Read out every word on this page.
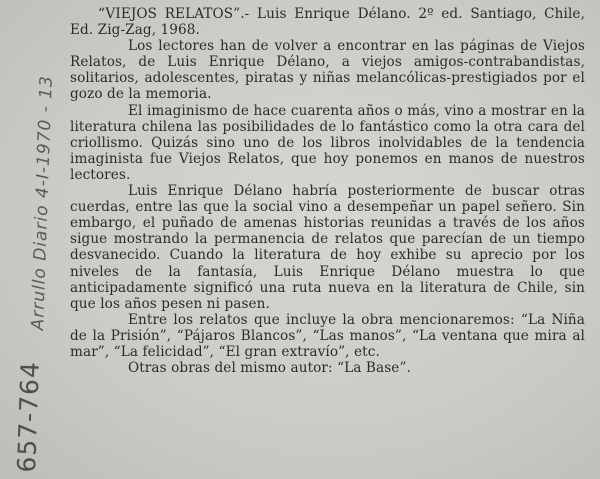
“VIEJOS RELATOS”.- Luis Enrique Délano. 2º ed. Santiago, Chile, Ed. Zig-Zag, 1968.

Los lectores han de volver a encontrar en las páginas de Viejos Relatos, de Luis Enrique Délano, a viejos amigos-contrabandistas, solitarios, adolescentes, piratas y niñas melancólicas-prestigiados por el gozo de la memoria.

El imaginismo de hace cuarenta años o más, vino a mostrar en la literatura chilena las posibilidades de lo fantástico como la otra cara del criollismo. Quizás sino uno de los libros inolvidables de la tendencia imaginista fue Viejos Relatos, que hoy ponemos en manos de nuestros lectores.

Luis Enrique Délano habría posteriormente de buscar otras cuerdas, entre las que la social vino a desempeñar un papel señero. Sin embargo, el puñado de amenas historias reunidas a través de los años sigue mostrando la permanencia de relatos que parecían de un tiempo desvanecido. Cuando la literatura de hoy exhibe su aprecio por los niveles de la fantasía, Luis Enrique Délano muestra lo que anticipadamente significó una ruta nueva en la literatura de Chile, sin que los años pesen ni pasen.

Entre los relatos que incluye la obra mencionaremos: “La Niña de la Prisión”, “Pájaros Blancos”, “Las manos”, “La ventana que mira al mar”, “La felicidad”, “El gran extravío”, etc.

Otras obras del mismo autor: “La Base”.

Arrullo Diario 4-I-1970 - 13
657-764
